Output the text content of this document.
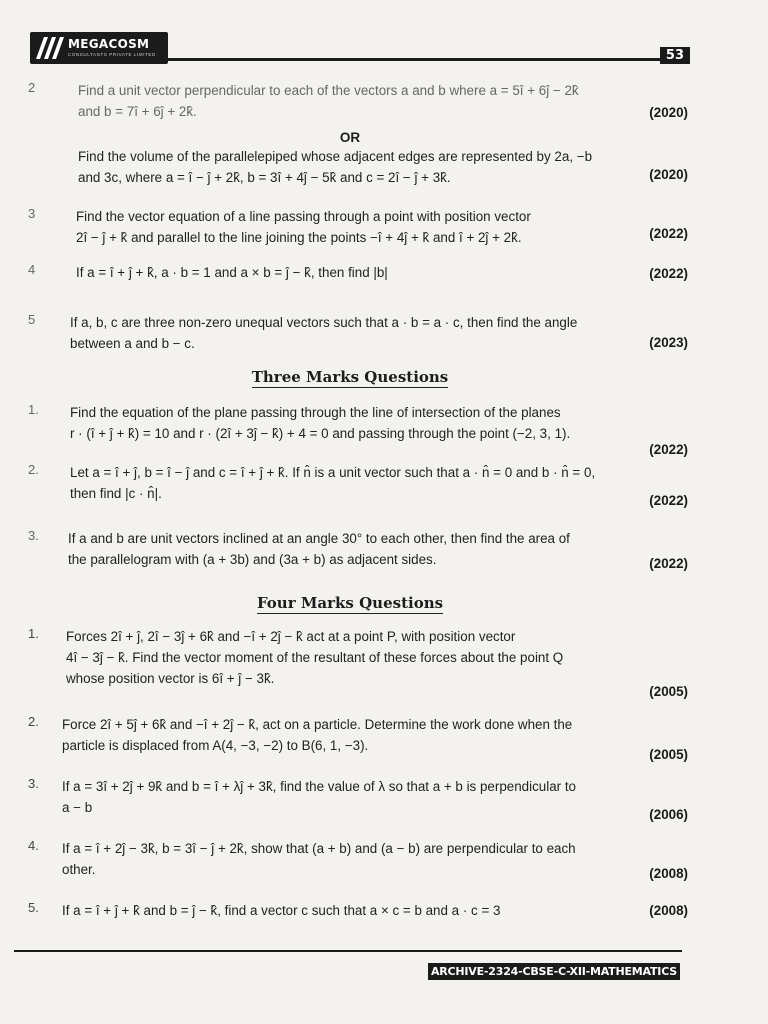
MEGACOSM
CONSULTANTS PRIVATE LIMITED	53
2	Find a unit vector perpendicular to each of the vectors a and b where a = 5î + 6ĵ − 2k̂
and b = 7î + 6ĵ + 2k̂.	(2020)
OR
Find the volume of the parallelepiped whose adjacent edges are represented by 2a, −b
and 3c, where a = î − ĵ + 2k̂, b = 3î + 4ĵ − 5k̂ and c = 2î − ĵ + 3k̂.	(2020)
3	Find the vector equation of a line passing through a point with position vector
2î − ĵ + k̂ and parallel to the line joining the points −î + 4ĵ + k̂ and î + 2ĵ + 2k̂.	(2022)
4	If a = î + ĵ + k̂, a · b = 1 and a × b = ĵ − k̂, then find |b|	(2022)
5	If a, b, c are three non-zero unequal vectors such that a · b = a · c, then find the angle
between a and b − c.	(2023)
Three Marks Questions
1. Find the equation of the plane passing through the line of intersection of the planes
r · (î + ĵ + k̂) = 10 and r · (2î + 3ĵ − k̂) + 4 = 0 and passing through the point (−2, 3, 1).
(2022)
2. Let a = î + ĵ, b = î − ĵ and c = î + ĵ + k̂. If n̂ is a unit vector such that a · n̂ = 0 and b · n̂ = 0,
then find |c · n̂|.	(2022)
3. If a and b are unit vectors inclined at an angle 30° to each other, then find the area of
the parallelogram with (a + 3b) and (3a + b) as adjacent sides.	(2022)
Four Marks Questions
1. Forces 2î + ĵ, 2î − 3ĵ + 6k̂ and −î + 2ĵ − k̂ act at a point P, with position vector
4î − 3ĵ − k̂. Find the vector moment of the resultant of these forces about the point Q
whose position vector is 6î + ĵ − 3k̂.
(2005)
2. Force 2î + 5ĵ + 6k̂ and −î + 2ĵ − k̂, act on a particle. Determine the work done when the
particle is displaced from A(4, −3, −2) to B(6, 1, −3).
(2005)
3. If a = 3î + 2ĵ + 9k̂ and b = î + λĵ + 3k̂, find the value of λ so that a + b is perpendicular to
a − b	(2006)
4. If a = î + 2ĵ − 3k̂, b = 3î − ĵ + 2k̂, show that (a + b) and (a − b) are perpendicular to each
other.	(2008)
5. If a = î + ĵ + k̂ and b = ĵ − k̂, find a vector c such that a × c = b and a · c = 3	(2008)
ARCHIVE-2324-CBSE-C-XII-MATHEMATICS
